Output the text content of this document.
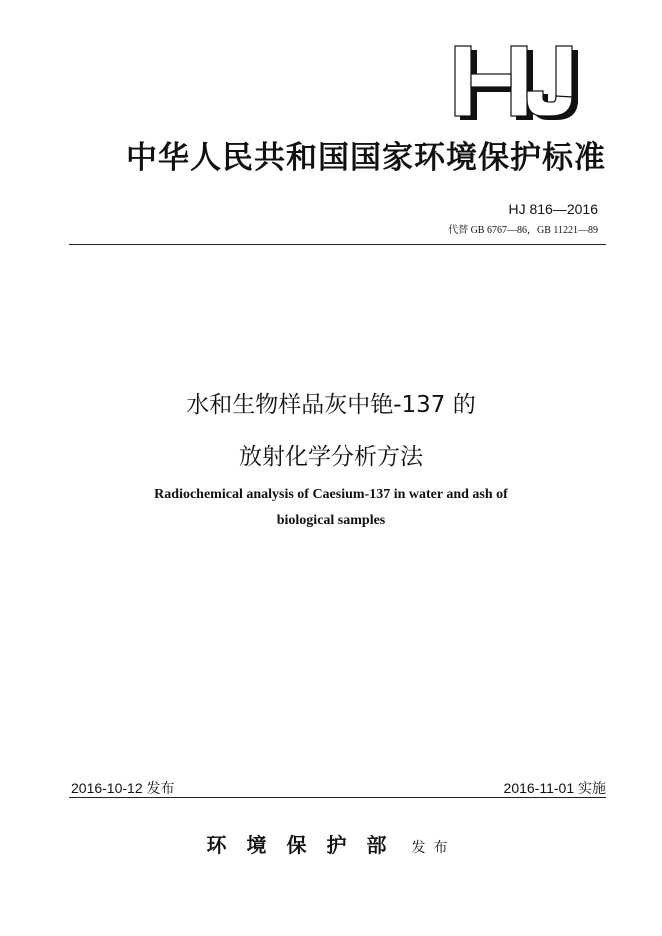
中华人民共和国国家环境保护标准
HJ 816—2016
代替 GB 6767—86，GB 11221—89
水和生物样品灰中铯-137 的
放射化学分析方法
Radiochemical analysis of Caesium-137 in water and ash of
biological samples
2016-10-12 发布	2016-11-01 实施
环境保护部 发布
